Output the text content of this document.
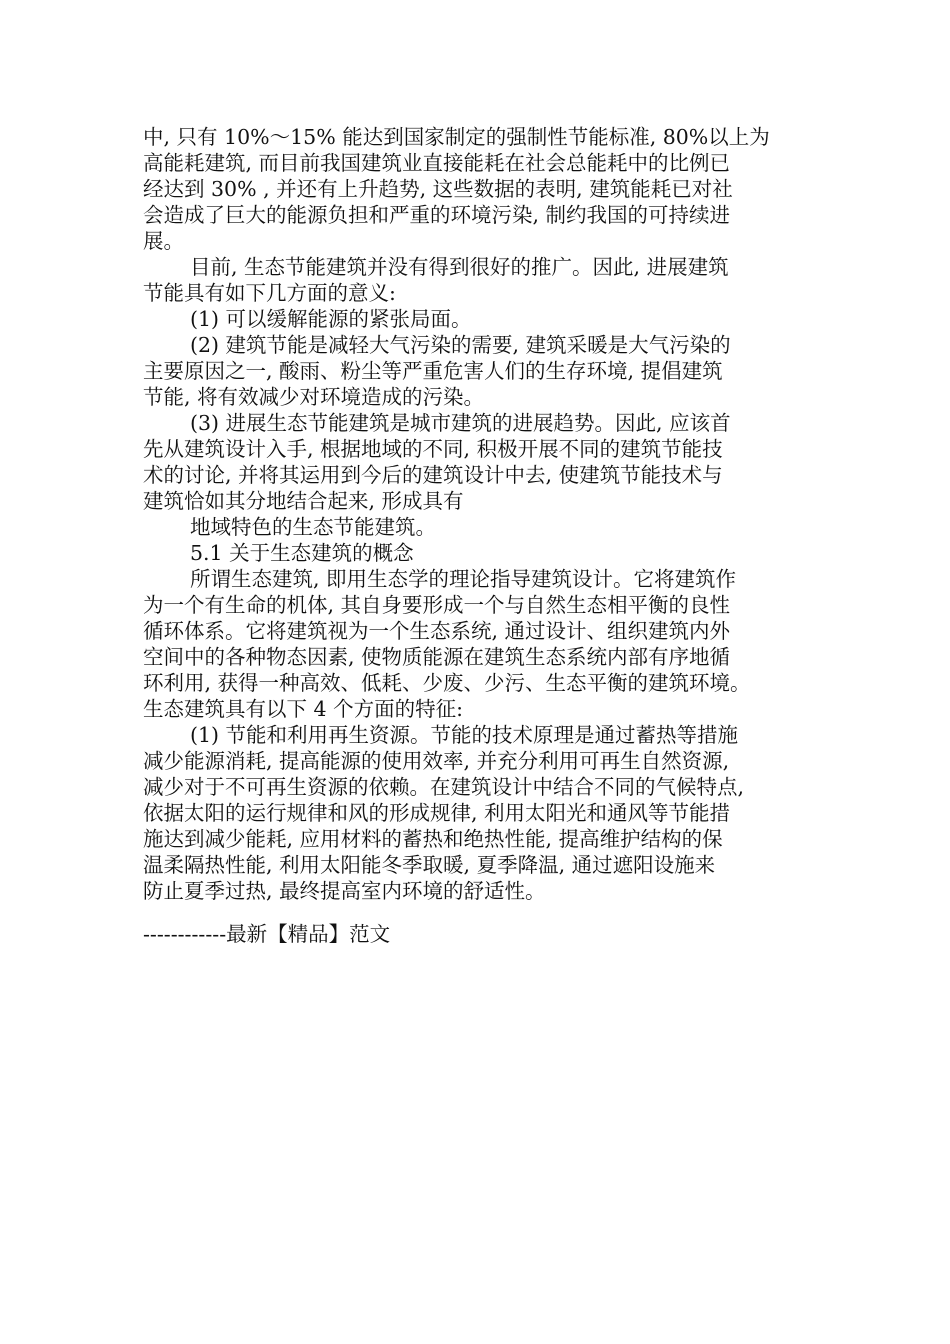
中, 只有 10%～15% 能达到国家制定的强制性节能标准, 80%以上为
高能耗建筑, 而目前我国建筑业直接能耗在社会总能耗中的比例已
经达到 30% , 并还有上升趋势, 这些数据的表明, 建筑能耗已对社
会造成了巨大的能源负担和严重的环境污染, 制约我国的可持续进
展。
目前, 生态节能建筑并没有得到很好的推广。因此, 进展建筑
节能具有如下几方面的意义:
(1) 可以缓解能源的紧张局面。
(2) 建筑节能是减轻大气污染的需要, 建筑采暖是大气污染的
主要原因之一, 酸雨、粉尘等严重危害人们的生存环境, 提倡建筑
节能, 将有效减少对环境造成的污染。
(3) 进展生态节能建筑是城市建筑的进展趋势。因此, 应该首
先从建筑设计入手, 根据地域的不同, 积极开展不同的建筑节能技
术的讨论, 并将其运用到今后的建筑设计中去, 使建筑节能技术与
建筑恰如其分地结合起来, 形成具有
地域特色的生态节能建筑。
5.1 关于生态建筑的概念
所谓生态建筑, 即用生态学的理论指导建筑设计。它将建筑作
为一个有生命的机体, 其自身要形成一个与自然生态相平衡的良性
循环体系。它将建筑视为一个生态系统, 通过设计、组织建筑内外
空间中的各种物态因素, 使物质能源在建筑生态系统内部有序地循
环利用, 获得一种高效、低耗、少废、少污、生态平衡的建筑环境。
生态建筑具有以下 4 个方面的特征:
(1) 节能和利用再生资源。节能的技术原理是通过蓄热等措施
减少能源消耗, 提高能源的使用效率, 并充分利用可再生自然资源,
减少对于不可再生资源的依赖。在建筑设计中结合不同的气候特点,
依据太阳的运行规律和风的形成规律, 利用太阳光和通风等节能措
施达到减少能耗, 应用材料的蓄热和绝热性能, 提高维护结构的保
温柔隔热性能, 利用太阳能冬季取暖, 夏季降温, 通过遮阳设施来
防止夏季过热, 最终提高室内环境的舒适性。
------------最新【精品】范文
